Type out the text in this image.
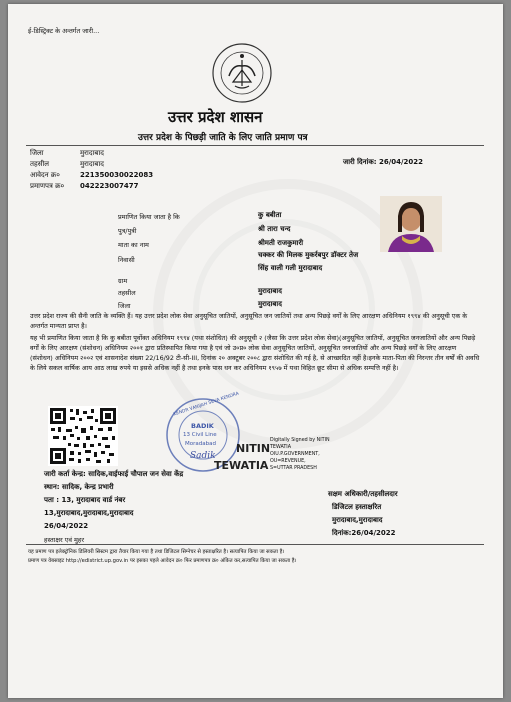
ई-डिस्ट्रिक्ट के अन्तर्गत जारी...
उत्तर प्रदेश शासन
उत्तर प्रदेश के पिछड़ी जाति के लिए जाति प्रमाण पत्र
जिला	मुरादाबाद
तहसील	मुरादाबाद
आवेदन क्र०	221350030022083
प्रमाणपत्र क्र० 042223007477
जारी दिनांक: 26/04/2022
प्रमाणित किया जाता है कि	कु बबीता
पुत्र/पुत्री	श्री तारा चन्द
माता का नाम	श्रीमती राजकुमारी
निवासी
चक्कर की मिलक मुकर्रबपुर डॉक्टर तेज
सिंह वाली गली मुरादाबाद
ग्राम
तहसील	मुरादाबाद
जिला	मुरादाबाद
उत्तर प्रदेश राज्य की सैनी जाति के व्यक्ति हैं। यह उत्तर प्रदेश लोक सेवा अनुसूचित जातियों, अनुसूचित जन जातियों तथा अन्य पिछड़े वर्गों के लिए आरक्षण अधिनियम १९९४ की अनुसूची एक के अन्तर्गत मान्यता प्राप्त है।
यह भी प्रमाणित किया जाता है कि कु बबीता पूर्वोक्त अधिनियम १९९४ (यथा संशोधित) की अनुसूची २ (जैसा कि उत्तर प्रदेश लोक सेवा)(अनुसूचित जातियों, अनुसूचित जनजातियों और अन्य पिछड़े वर्गों के लिए आरक्षण (संशोधन) अधिनियम २००१ द्वारा प्रतिस्थापित किया गया है एवं जो उ०प्र० लोक सेवा अनुसूचित जातियों, अनुसूचित जनजातियों और अन्य पिछड़े वर्गों के लिए आरक्षण (संशोधन) अधिनियम २००२ एवं शासनादेश संख्या 22/16/92 टी-सी-III, दिनांक २० अक्टूबर २००८ द्वारा संशोधित की गई है, से आच्छादित नहीं है।इनके माता-पिता की निरन्तर तीन वर्षों की अवधि के लिये सकल वार्षिक आय आठ लाख रुपये या इससे अधिक नहीं है तथा इनके पास धन कर अधिनियम १९५७ में यथा विहित छूट सीमा से अधिक सम्पत्ति नहीं है।
BADIK
13 Civil Line
Moradabad
KENDR VANIJAH SEVA KENDRA
Sadik
NITIN
TEWATIA
Digitally Signed by NITIN
TEWATIA
OIU.P.GOVERNMENT,
OU=REVENUE,
S=UTTAR PRADESH
जारी कर्ता केन्द्र: सादिक,वाईफाई चौपाल जन सेवा केंद्र
स्थान: सादिक, केन्द्र प्रभारी
पता : 13, मुरादाबाद वार्ड नंबर
13,मुरादाबाद,मुरादाबाद,मुरादाबाद
26/04/2022
हस्ताक्षर एवं मुहर
सक्षम अधिकारी/तहसीलदार
डिजिटल हस्ताक्षरित
मुरादाबाद,मुरादाबाद
दिनांक:26/04/2022
यह प्रमाण पत्र इलेक्ट्रॉनिक डिलिवरी सिस्टम द्वारा तैयार किया गया है तथा डिजिटल सिग्नेचर से हस्ताक्षरित है। सत्यापित किया जा सकता है।
प्रमाण पत्र वेबसाइट http://edistrict.up.gov.in पर इसका पहले आवेदन क्र० फिर प्रमाणपत्र क्र० अंकित कर,सत्यापित किया जा सकता है।
